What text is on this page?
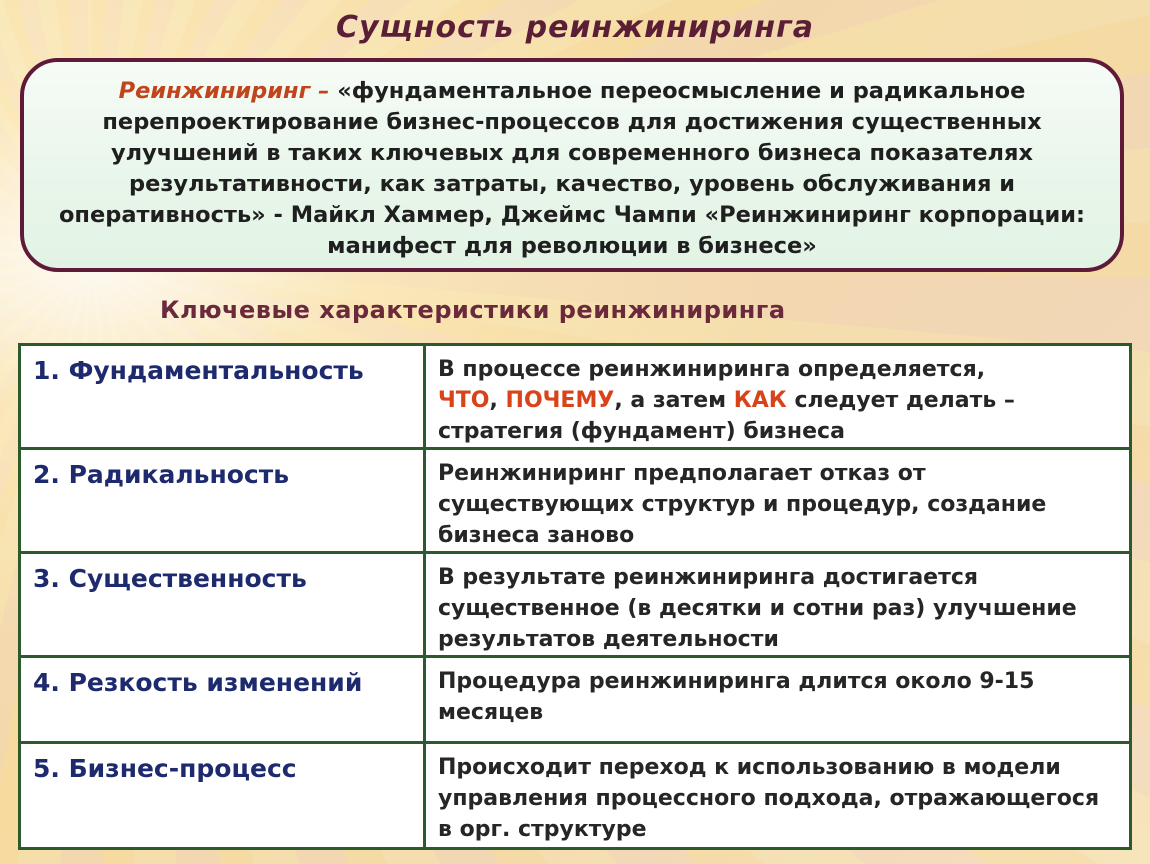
Сущность реинжиниринга
Реинжиниринг – «фундаментальное переосмысление и радикальное перепроектирование бизнес-процессов для достижения существенных улучшений в таких ключевых для современного бизнеса показателях результативности, как затраты, качество, уровень обслуживания и оперативность» - Майкл Хаммер, Джеймс Чампи «Реинжиниринг корпорации: манифест для революции в бизнесе»
Ключевые характеристики реинжиниринга
1. Фундаментальность	В процессе реинжиниринга определяется,
ЧТО, ПОЧЕМУ, а затем КАК следует делать – стратегия (фундамент) бизнеса
2. Радикальность	Реинжиниринг предполагает отказ от существующих структур и процедур, создание бизнеса заново
3. Существенность	В результате реинжиниринга достигается существенное (в десятки и сотни раз) улучшение результатов деятельности
4. Резкость изменений	Процедура реинжиниринга длится около 9-15 месяцев
5. Бизнес-процесс	Происходит переход к использованию в модели управления процессного подхода, отражающегося в орг. структуре
